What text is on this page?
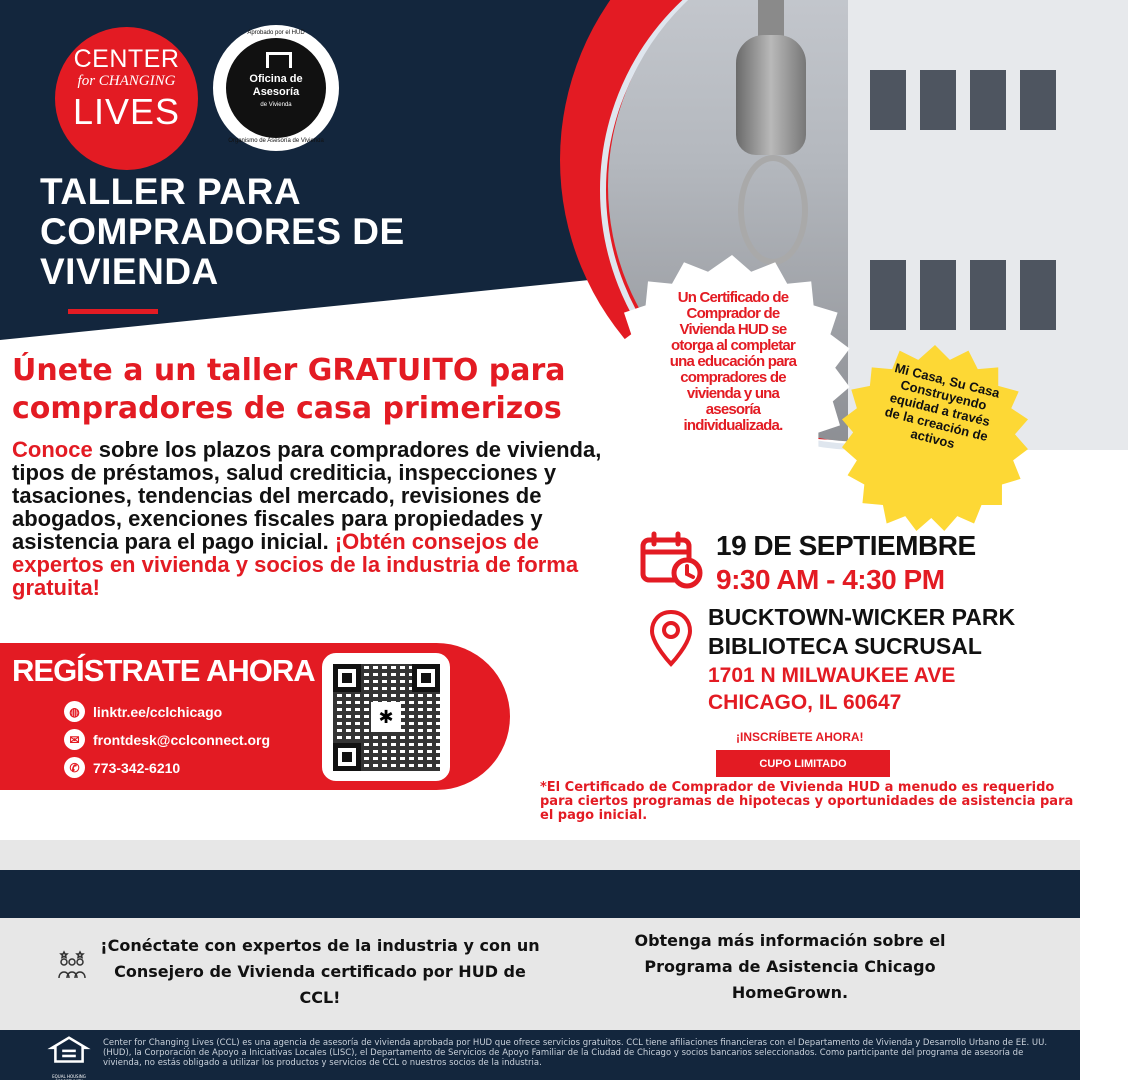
CENTER
for CHANGING
LIVES
Aprobado por el HUD
Oficina de Asesoría
de Vivienda
Organismo de Asesoría de Vivienda
TALLER PARA COMPRADORES DE VIVIENDA
Únete a un taller GRATUITO para compradores de casa primerizos
Conoce sobre los plazos para compradores de vivienda, tipos de préstamos, salud crediticia, inspecciones y tasaciones, tendencias del mercado, revisiones de abogados, exenciones fiscales para propiedades y asistencia para el pago inicial. ¡Obtén consejos de expertos en vivienda y socios de la industria de forma gratuita!
REGÍSTRATE AHORA
◍ linktr.ee/cclchicago
✉ frontdesk@cclconnect.org
✆ 773-342-6210
✱
Un Certificado de Comprador de Vivienda HUD se otorga al completar una educación para compradores de vivienda y una asesoría individualizada.
Mi Casa, Su Casa Construyendo equidad a través de la creación de activos
19 DE SEPTIEMBRE
9:30 AM - 4:30 PM
BUCKTOWN-WICKER PARK
BIBLIOTECA SUCRUSAL
1701 N MILWAUKEE AVE
CHICAGO, IL 60647
¡INSCRÍBETE AHORA!
CUPO LIMITADO
*El Certificado de Comprador de Vivienda HUD a menudo es requerido para ciertos programas de hipotecas y oportunidades de asistencia para el pago inicial.
¡Conéctate con expertos de la industria y con un Consejero de Vivienda certificado por HUD de CCL!
Obtenga más información sobre el Programa de Asistencia Chicago HomeGrown.
EQUAL HOUSING OPPORTUNITY
Center for Changing Lives (CCL) es una agencia de asesoría de vivienda aprobada por HUD que ofrece servicios gratuitos. CCL tiene afiliaciones financieras con el Departamento de Vivienda y Desarrollo Urbano de EE. UU. (HUD), la Corporación de Apoyo a Iniciativas Locales (LISC), el Departamento de Servicios de Apoyo Familiar de la Ciudad de Chicago y socios bancarios seleccionados. Como participante del programa de asesoría de vivienda, no estás obligado a utilizar los productos y servicios de CCL o nuestros socios de la industria.
